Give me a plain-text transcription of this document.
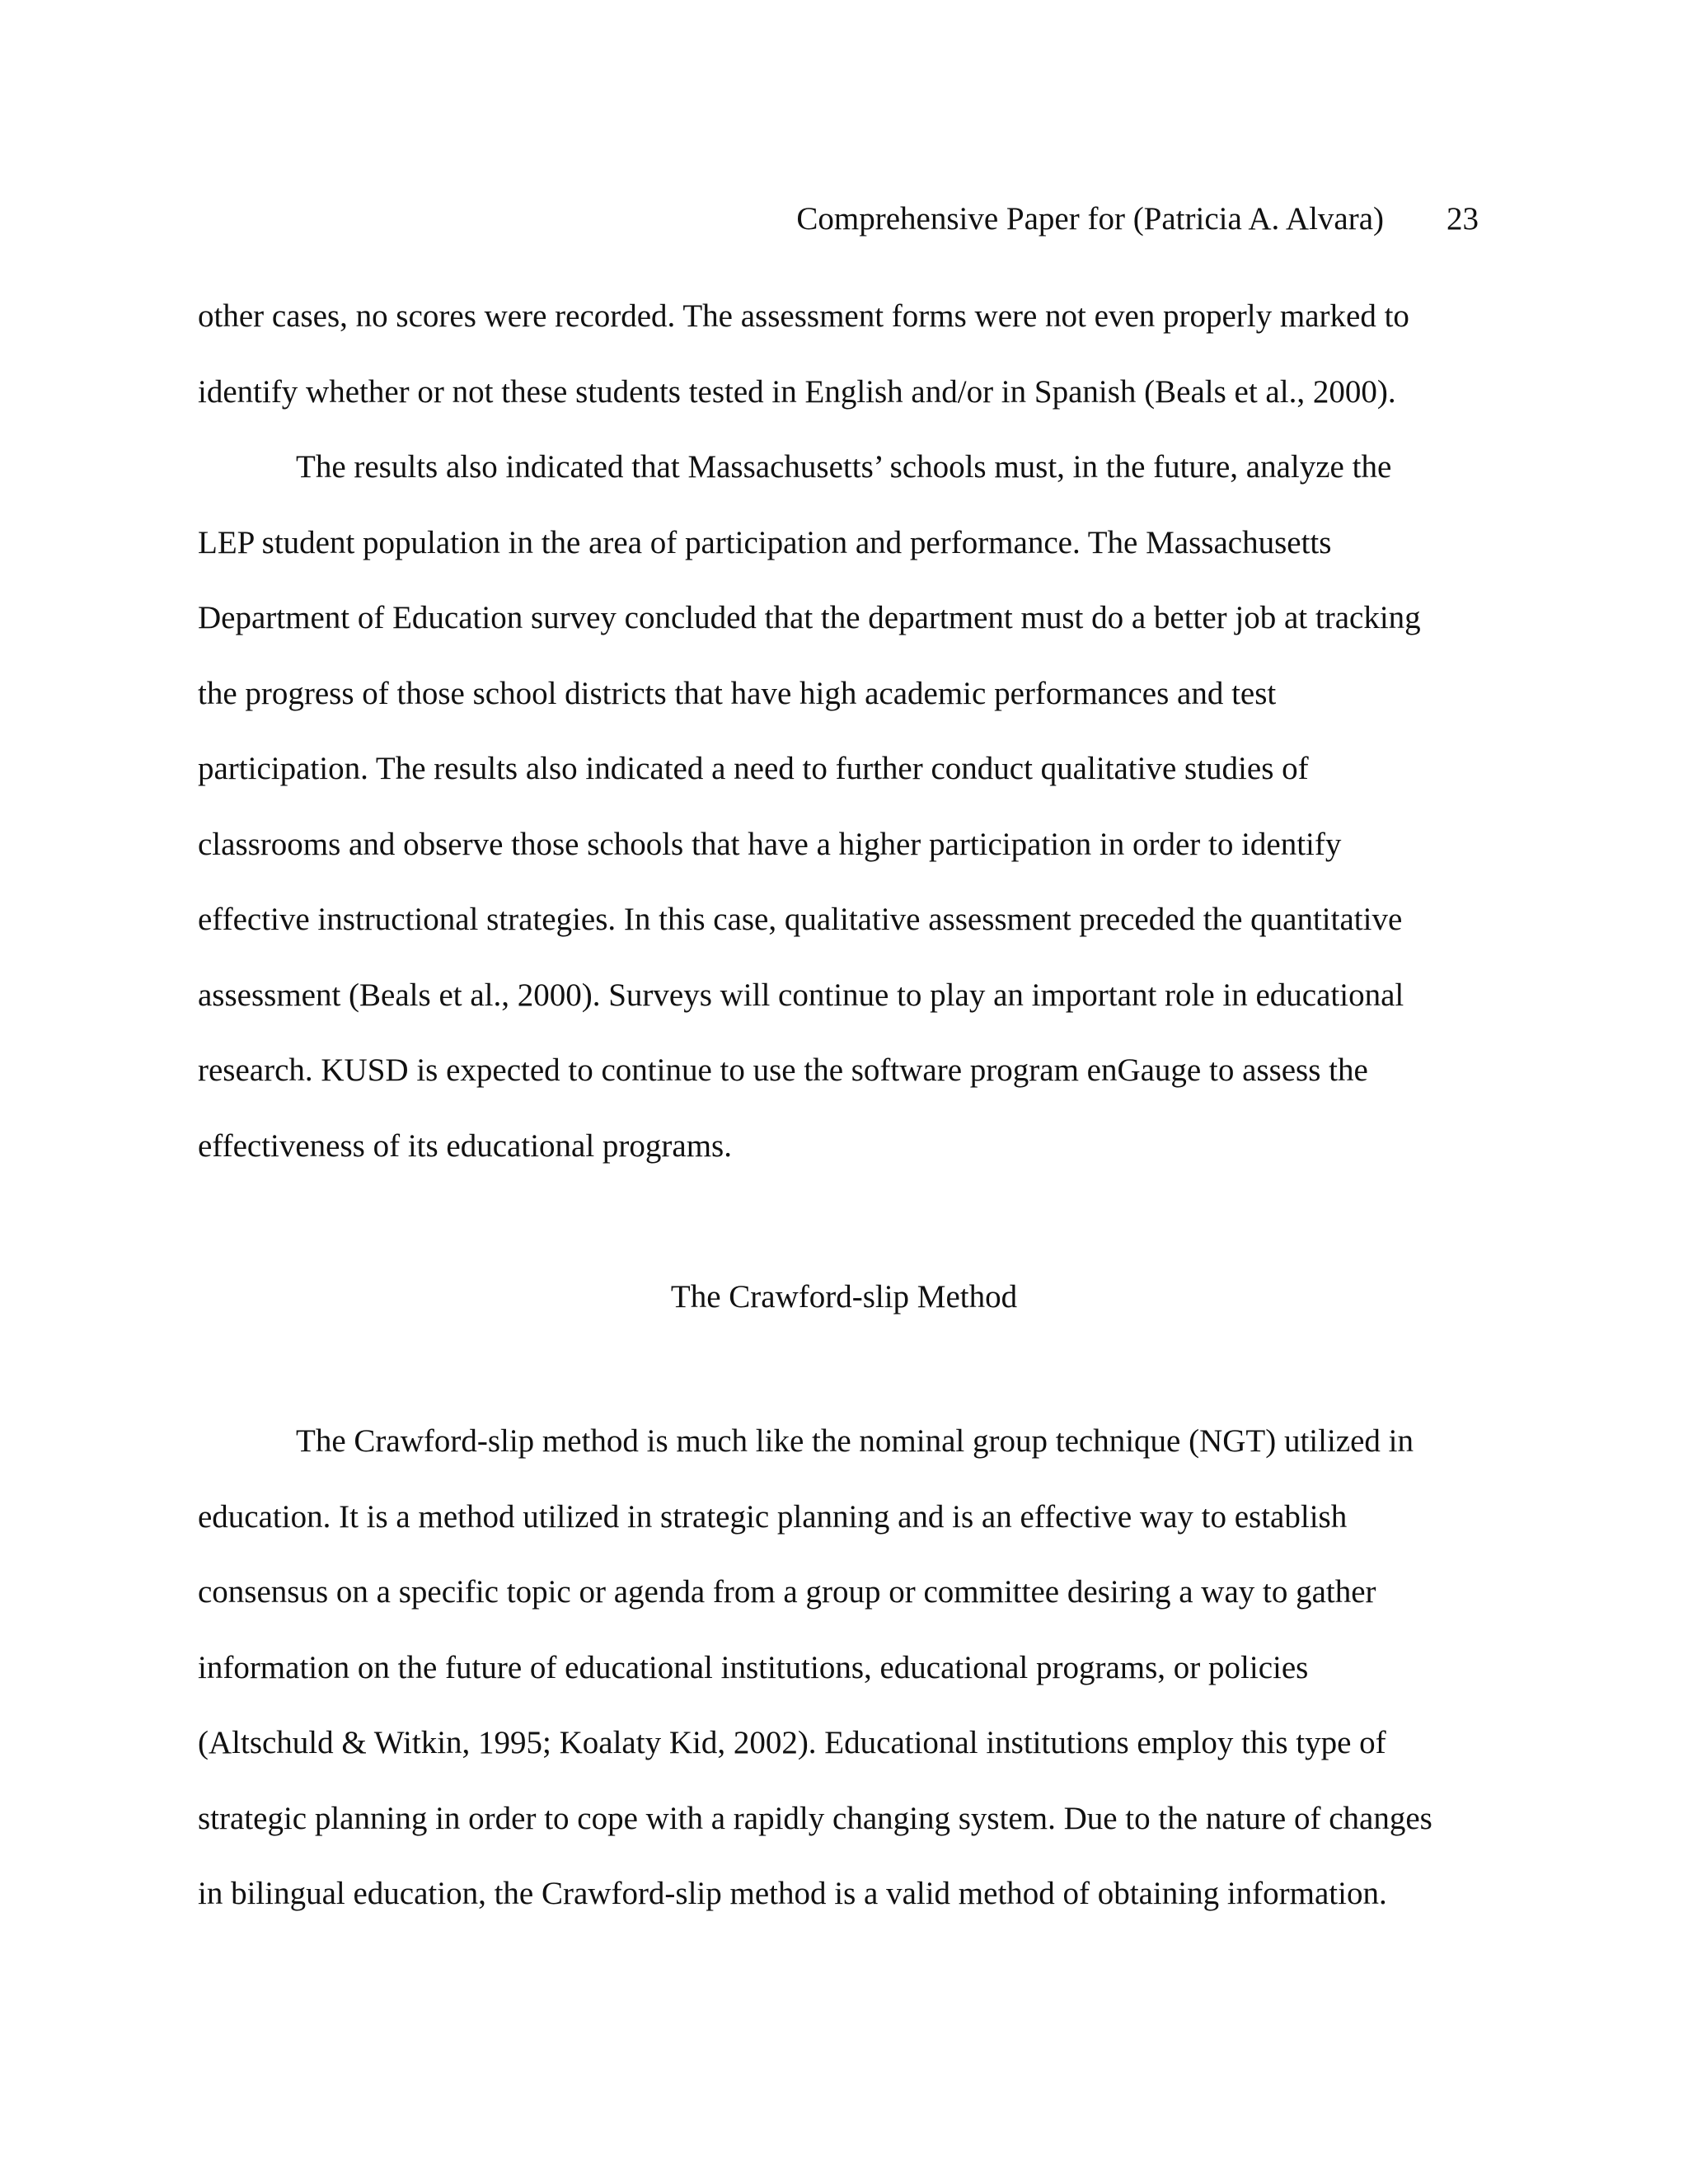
Comprehensive Paper for (Patricia A. Alvara) 23
other cases, no scores were recorded. The assessment forms were not even properly marked to
identify whether or not these students tested in English and/or in Spanish (Beals et al., 2000).
The results also indicated that Massachusetts’ schools must, in the future, analyze the
LEP student population in the area of participation and performance. The Massachusetts
Department of Education survey concluded that the department must do a better job at tracking
the progress of those school districts that have high academic performances and test
participation. The results also indicated a need to further conduct qualitative studies of
classrooms and observe those schools that have a higher participation in order to identify
effective instructional strategies. In this case, qualitative assessment preceded the quantitative
assessment (Beals et al., 2000). Surveys will continue to play an important role in educational
research. KUSD is expected to continue to use the software program enGauge to assess the
effectiveness of its educational programs.
The Crawford-slip Method
The Crawford-slip method is much like the nominal group technique (NGT) utilized in
education. It is a method utilized in strategic planning and is an effective way to establish
consensus on a specific topic or agenda from a group or committee desiring a way to gather
information on the future of educational institutions, educational programs, or policies
(Altschuld & Witkin, 1995; Koalaty Kid, 2002). Educational institutions employ this type of
strategic planning in order to cope with a rapidly changing system. Due to the nature of changes
in bilingual education, the Crawford-slip method is a valid method of obtaining information.
